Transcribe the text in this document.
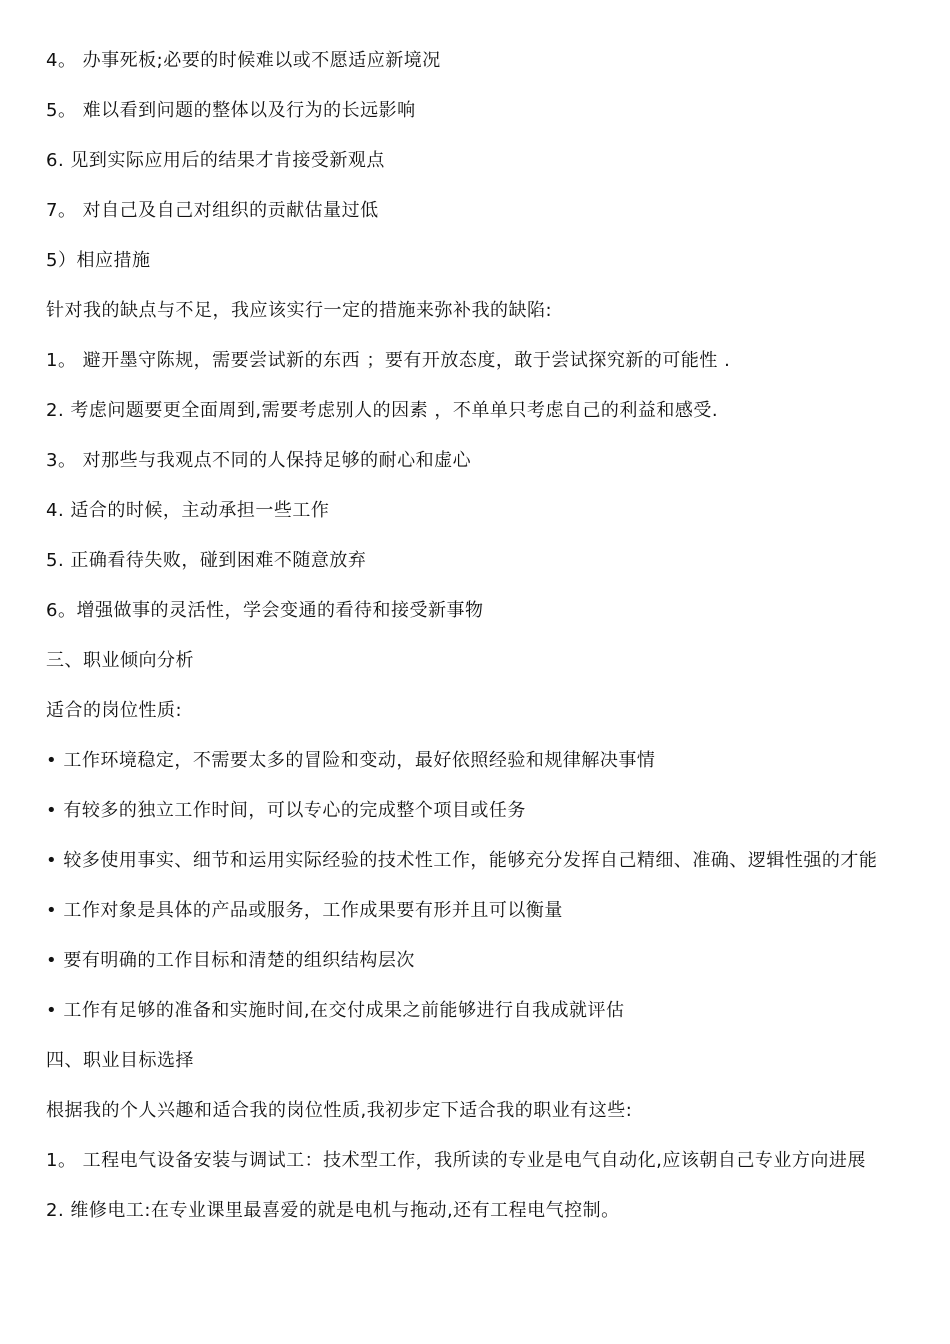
4。 办事死板;必要的时候难以或不愿适应新境况

5。 难以看到问题的整体以及行为的长远影响

6. 见到实际应用后的结果才肯接受新观点

7。 对自己及自己对组织的贡献估量过低

5）相应措施

针对我的缺点与不足，我应该实行一定的措施来弥补我的缺陷:

1。 避开墨守陈规，需要尝试新的东西 ；要有开放态度，敢于尝试探究新的可能性 .

2. 考虑问题要更全面周到,需要考虑别人的因素 ，不单单只考虑自己的利益和感受.

3。 对那些与我观点不同的人保持足够的耐心和虚心

4. 适合的时候，主动承担一些工作

5. 正确看待失败，碰到困难不随意放弃

6。增强做事的灵活性，学会变通的看待和接受新事物

三、职业倾向分析

适合的岗位性质:

• 工作环境稳定，不需要太多的冒险和变动，最好依照经验和规律解决事情

• 有较多的独立工作时间，可以专心的完成整个项目或任务

• 较多使用事实、细节和运用实际经验的技术性工作，能够充分发挥自己精细、准确、逻辑性强的才能

• 工作对象是具体的产品或服务，工作成果要有形并且可以衡量

• 要有明确的工作目标和清楚的组织结构层次

• 工作有足够的准备和实施时间,在交付成果之前能够进行自我成就评估

四、职业目标选择

根据我的个人兴趣和适合我的岗位性质,我初步定下适合我的职业有这些:

1。 工程电气设备安装与调试工：技术型工作，我所读的专业是电气自动化,应该朝自己专业方向进展

2. 维修电工:在专业课里最喜爱的就是电机与拖动,还有工程电气控制。
